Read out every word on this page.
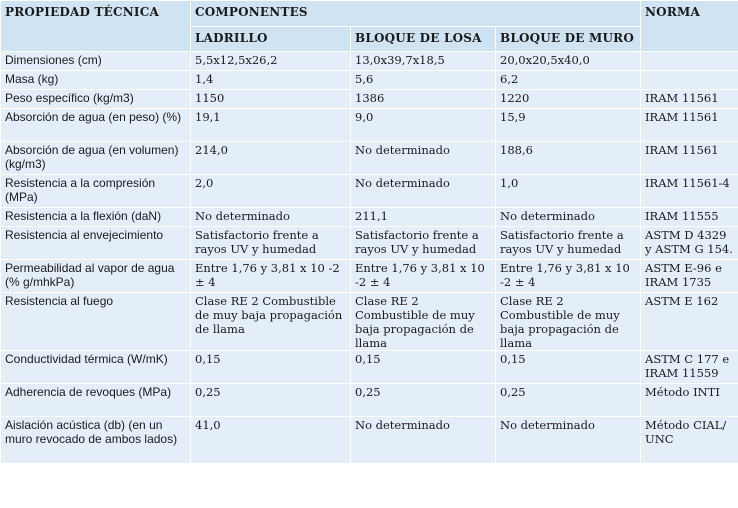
PROPIEDAD TÉCNICA	COMPONENTES			NORMA
	LADRILLO	BLOQUE DE LOSA	BLOQUE DE MURO	
Dimensiones (cm)	5,5x12,5x26,2	13,0x39,7x18,5	20,0x20,5x40,0	
Masa (kg)	1,4	5,6	6,2	
Peso específico (kg/m3)	1150	1386	1220	IRAM 11561
Absorción de agua (en peso) (%)	19,1	9,0	15,9	IRAM 11561
Absorción de agua (en volumen) (kg/m3)	214,0	No determinado	188,6	IRAM 11561
Resistencia a la compresión (MPa)	2,0	No determinado	1,0	IRAM 11561-4
Resistencia a la flexión (daN)	No determinado	211,1	No determinado	IRAM 11555
Resistencia al envejecimiento	Satisfactorio frente a rayos UV y humedad	Satisfactorio frente a rayos UV y humedad	Satisfactorio frente a rayos UV y humedad	ASTM D 4329 y ASTM G 154.
Permeabilidad al vapor de agua (% g/mhkPa)	Entre 1,76 y 3,81 x 10 -2 ± 4	Entre 1,76 y 3,81 x 10 -2 ± 4	Entre 1,76 y 3,81 x 10 -2 ± 4	ASTM E-96 e IRAM 1735
Resistencia al fuego	Clase RE 2 Combustible de muy baja propagación de llama	Clase RE 2 Combustible de muy baja propagación de llama	Clase RE 2 Combustible de muy baja propagación de llama	ASTM E 162
Conductividad térmica (W/mK)	0,15	0,15	0,15	ASTM C 177 e IRAM 11559
Adherencia de revoques (MPa)	0,25	0,25	0,25	Método INTI
Aislación acústica (db) (en un muro revocado de ambos lados)	41,0	No determinado	No determinado	Método CIAL/ UNC
